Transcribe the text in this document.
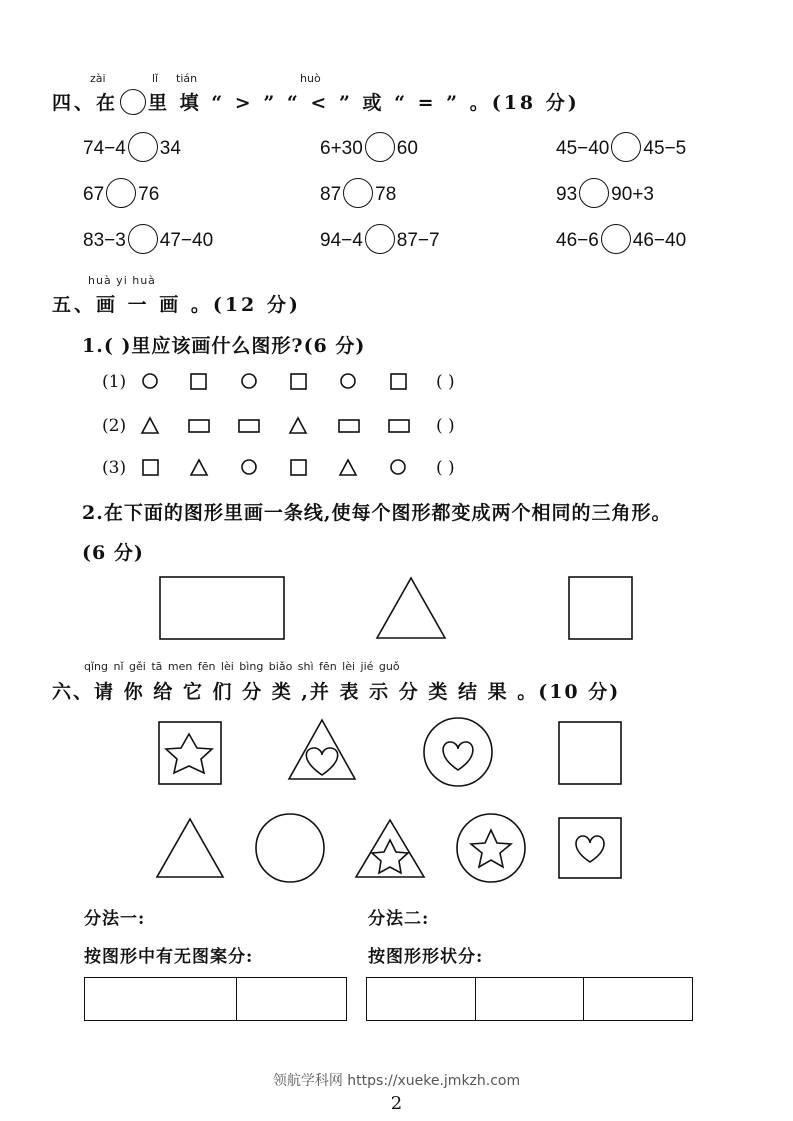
zài	lǐ tián	huò
四、在 里 填 “ > ” “ < ” 或 “ = ” 。(18 分)
74−4 34	6+30 60	45−40 45−5
67 76	87 78	93 90+3
83−3 47−40	94−4 87−7	46−6 46−40
huà yi huà
五、画 一 画 。(12 分)
1.( )里应该画什么图形?(6 分)
(1)
(2)
(3)
( )
( )
( )
2.在下面的图形里画一条线,使每个图形都变成两个相同的三角形。
(6 分)
qǐng nǐ gěi tā men fēn lèi bìng biǎo shì fēn lèi jié guǒ
六、请 你 给 它 们 分 类 ,并 表 示 分 类 结 果 。(10 分)
分法一:	分法二:
按图形中有无图案分:	按图形形状分:
领航学科网 https://xueke.jmkzh.com
2
